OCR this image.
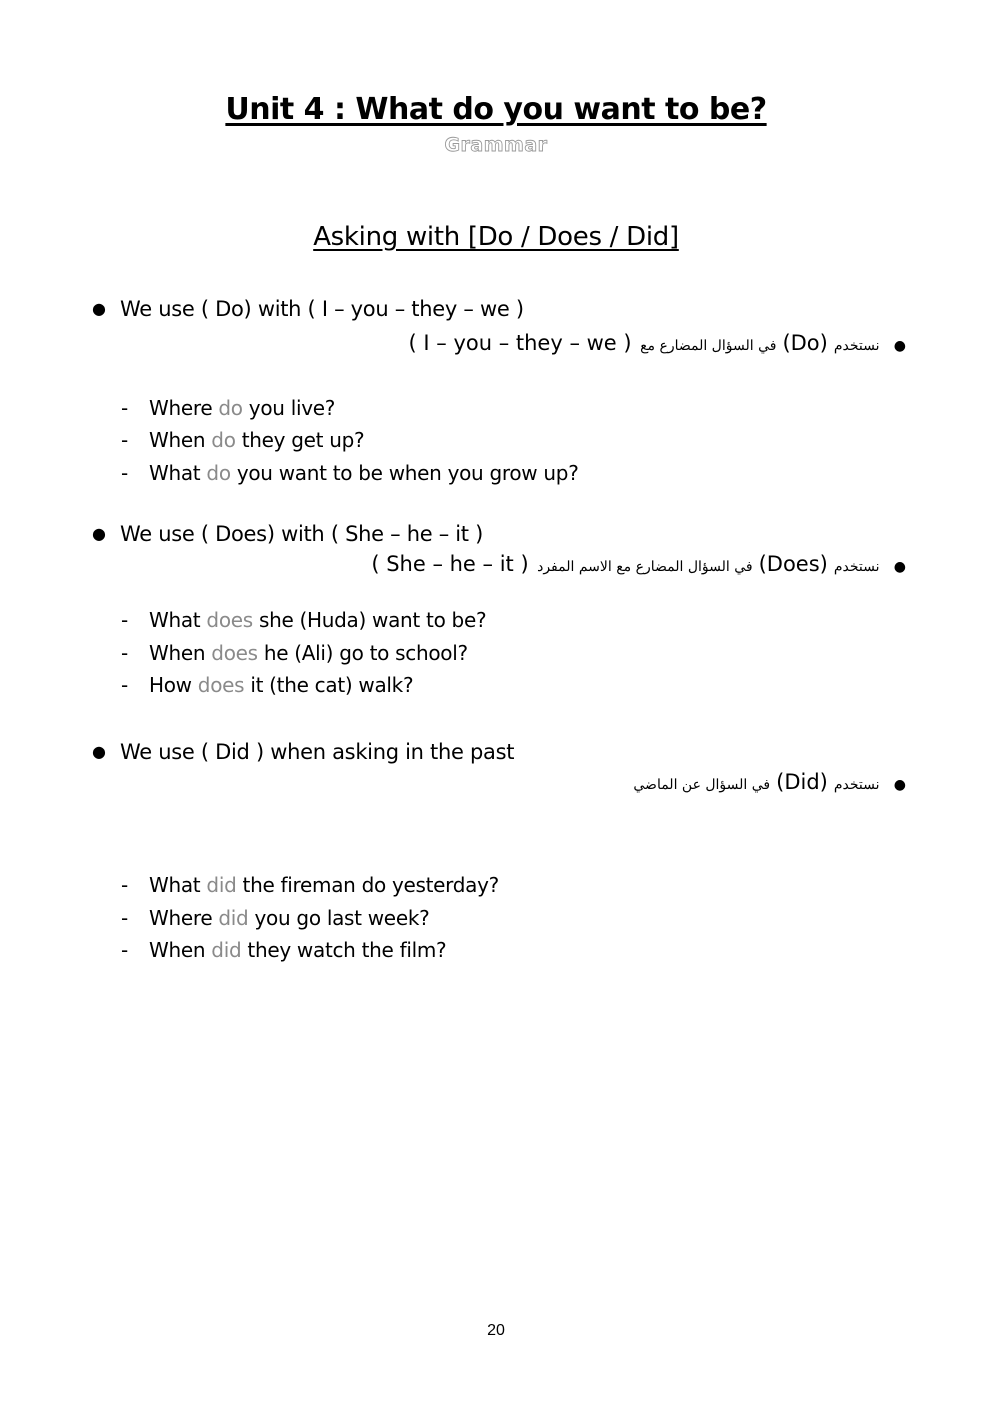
Unit 4 : What do you want to be?
Grammar
Asking with [Do / Does / Did]
● We use ( Do) with ( I – you – they – we )
● نستخدم(Do)في السؤال المضارع مع ( I – you – they – we )
- Where do you live?
- When do they get up?
- What do you want to be when you grow up?
● We use ( Does) with ( She – he – it )
● نستخدم(Does)في السؤال المضارع مع الاسم المفرد ( She – he – it )
- What does she (Huda) want to be?
- When does he (Ali) go to school?
- How does it (the cat) walk?
● We use ( Did ) when asking in the past
● نستخدم(Did)في السؤال عن الماضي
- What did the fireman do yesterday?
- Where did you go last week?
- When did they watch the film?
20
